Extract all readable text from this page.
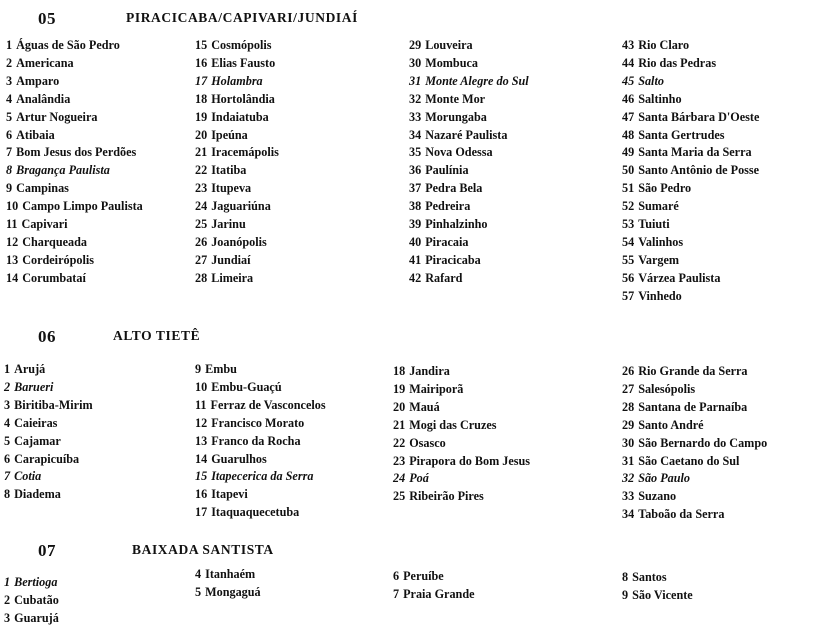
05	PIRACICABA/CAPIVARI/JUNDIAÍ
1 Águas de São Pedro
2 Americana
3 Amparo
4 Analândia
5 Artur Nogueira
6 Atibaia
7 Bom Jesus dos Perdões
8 Bragança Paulista
9 Campinas
10 Campo Limpo Paulista
11 Capivari
12 Charqueada
13 Cordeirópolis
14 Corumbataí
15 Cosmópolis
16 Elias Fausto
17 Holambra
18 Hortolândia
19 Indaiatuba
20 Ipeúna
21 Iracemápolis
22 Itatiba
23 Itupeva
24 Jaguariúna
25 Jarinu
26 Joanópolis
27 Jundiaí
28 Limeira
29 Louveira
30 Mombuca
31 Monte Alegre do Sul
32 Monte Mor
33 Morungaba
34 Nazaré Paulista
35 Nova Odessa
36 Paulínia
37 Pedra Bela
38 Pedreira
39 Pinhalzinho
40 Piracaia
41 Piracicaba
42 Rafard
43 Rio Claro
44 Rio das Pedras
45 Salto
46 Saltinho
47 Santa Bárbara D'Oeste
48 Santa Gertrudes
49 Santa Maria da Serra
50 Santo Antônio de Posse
51 São Pedro
52 Sumaré
53 Tuiuti
54 Valinhos
55 Vargem
56 Várzea Paulista
57 Vinhedo
06	ALTO TIETÊ
1 Arujá
2 Barueri
3 Biritiba-Mirim
4 Caieiras
5 Cajamar
6 Carapicuíba
7 Cotia
8 Diadema
9 Embu
10 Embu-Guaçú
11 Ferraz de Vasconcelos
12 Francisco Morato
13 Franco da Rocha
14 Guarulhos
15 Itapecerica da Serra
16 Itapevi
17 Itaquaquecetuba
18 Jandira
19 Mairiporã
20 Mauá
21 Mogi das Cruzes
22 Osasco
23 Pirapora do Bom Jesus
24 Poá
25 Ribeirão Pires
26 Rio Grande da Serra
27 Salesópolis
28 Santana de Parnaíba
29 Santo André
30 São Bernardo do Campo
31 São Caetano do Sul
32 São Paulo
33 Suzano
34 Taboão da Serra
07	BAIXADA SANTISTA
1 Bertioga
2 Cubatão
3 Guarujá
4 Itanhaém
5 Mongaguá
6 Peruíbe
7 Praia Grande
8 Santos
9 São Vicente
